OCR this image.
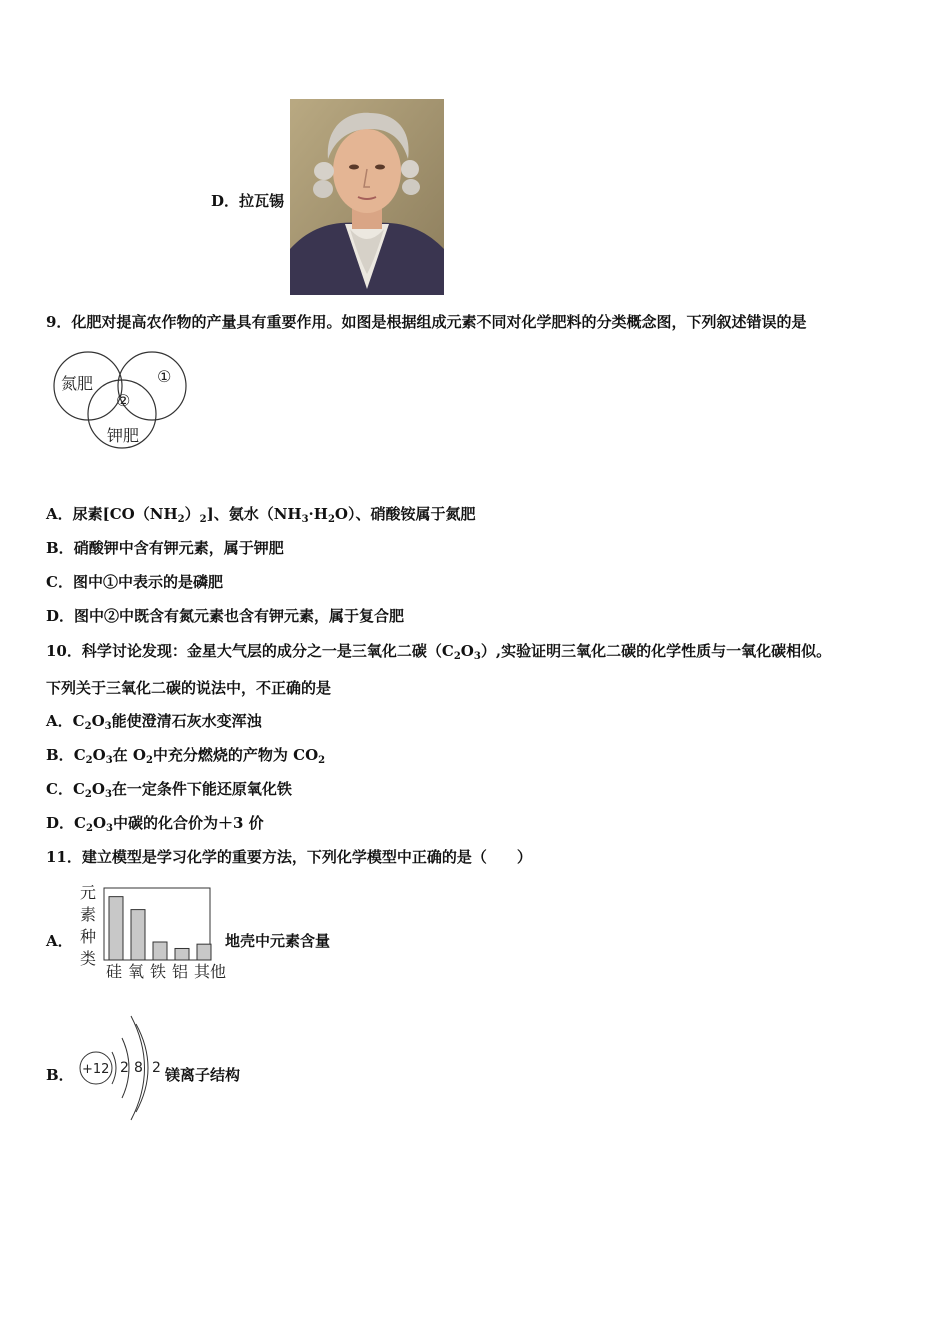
D．拉瓦锡
9．化肥对提高农作物的产量具有重要作用。如图是根据组成元素不同对化学肥料的分类概念图，下列叙述错误的是
氮肥	①
②
钾肥
A．尿素$[CO(NH_2)_2]$、氨水$(NH_3\cdot H_2O)$、硝酸铵属于氮肥
B．硝酸钾中含有钾元素，属于钾肥
C．图中①中表示的是磷肥
D．图中②中既含有氮元素也含有钾元素，属于复合肥
10．科学讨论发现：金星大气层的成分之一是三氧化二碳$(C_2O_3)$,实验证明三氧化二碳的化学性质与一氧化碳相似。
下列关于三氧化二碳的说法中，不正确的是
A．$C_2O_3$能使澄清石灰水变浑浊
B．$C_2O_3$在 $O_2$中充分燃烧的产物为 $CO_2$
C．$C_2O_3$在一定条件下能还原氧化铁
D．$C_2O_3$中碳的化合价为＋3 价
11．建立模型是学习化学的重要方法，下列化学模型中正确的是（　　）
A．
元
素
种
类
硅 氧 铁 铝 其他
地壳中元素含量
B． +12 2 8 2 镁离子结构
